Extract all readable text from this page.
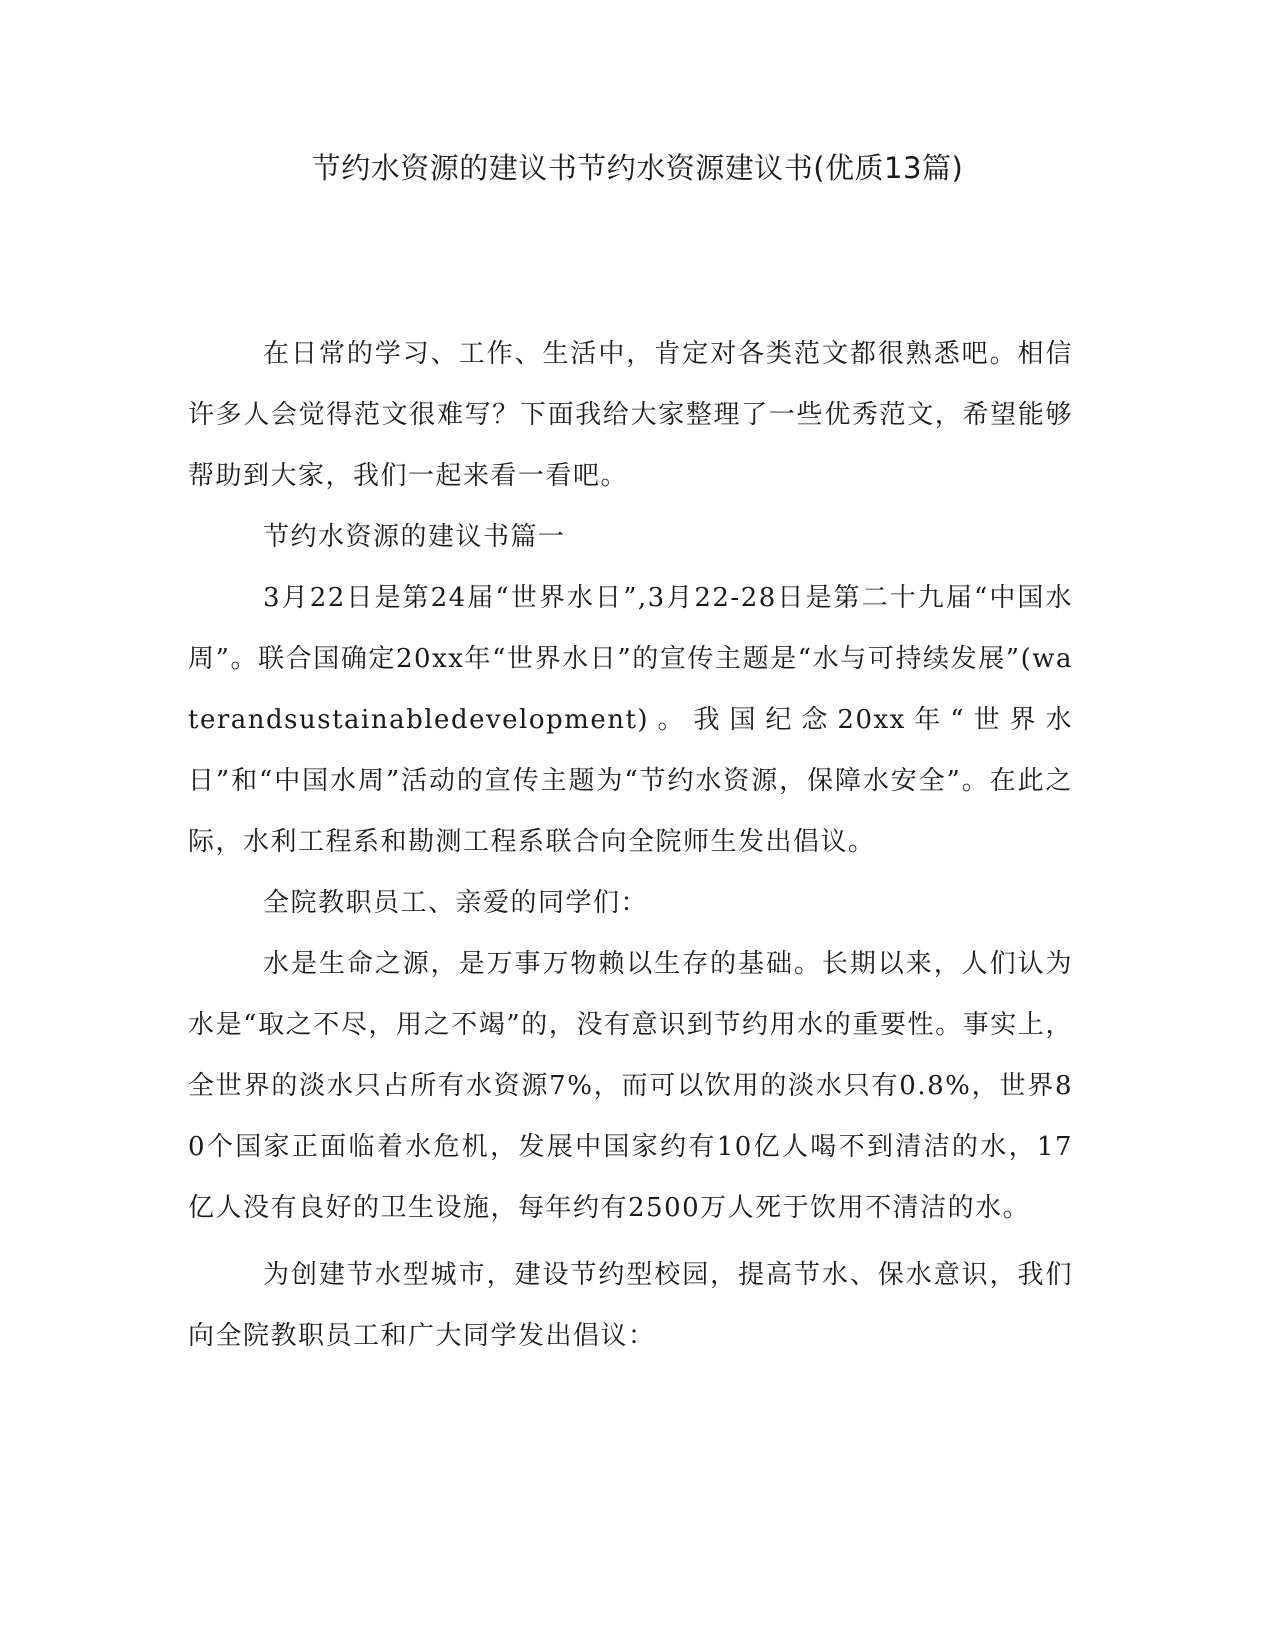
节约水资源的建议书节约水资源建议书(优质13篇)

在日常的学习、工作、生活中，肯定对各类范文都很熟悉吧。相信许多人会觉得范文很难写？下面我给大家整理了一些优秀范文，希望能够帮助到大家，我们一起来看一看吧。

节约水资源的建议书篇一

3月22日是第24届“世界水日”,3月22-28日是第二十九届“中国水周”。联合国确定20xx年“世界水日”的宣传主题是“水与可持续发展”(waterandsustainabledevelopment)。我国纪念20xx年“世界水日”和“中国水周”活动的宣传主题为“节约水资源，保障水安全”。在此之际，水利工程系和勘测工程系联合向全院师生发出倡议。

全院教职员工、亲爱的同学们：

水是生命之源，是万事万物赖以生存的基础。长期以来，人们认为水是“取之不尽，用之不竭”的，没有意识到节约用水的重要性。事实上，全世界的淡水只占所有水资源7%，而可以饮用的淡水只有0.8%，世界80个国家正面临着水危机，发展中国家约有10亿人喝不到清洁的水，17亿人没有良好的卫生设施，每年约有2500万人死于饮用不清洁的水。

为创建节水型城市，建设节约型校园，提高节水、保水意识，我们向全院教职员工和广大同学发出倡议：
